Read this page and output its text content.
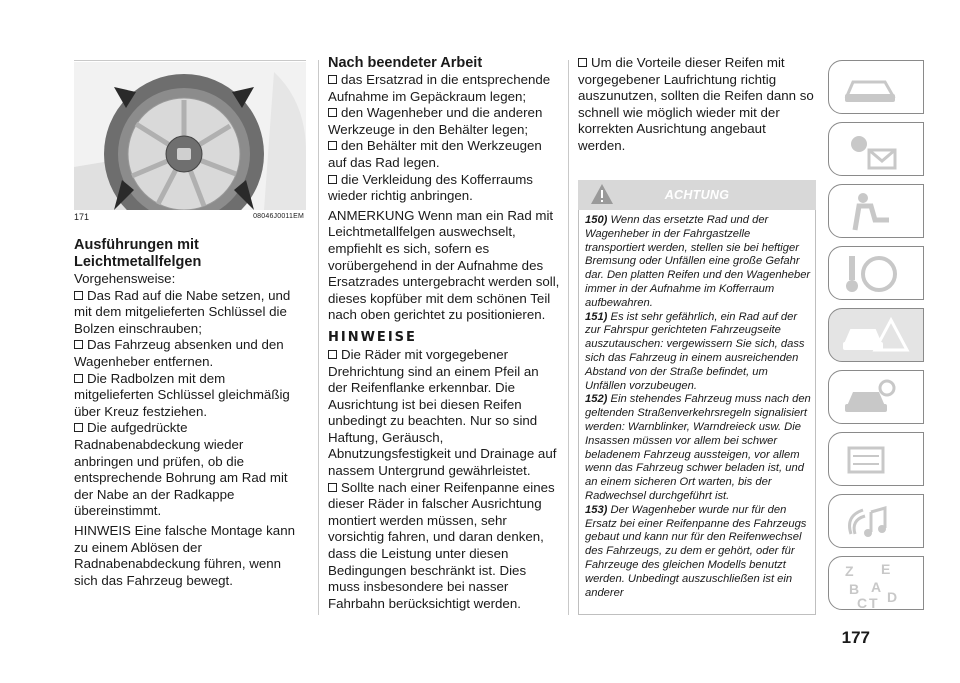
171	08046J0011EM
Ausführungen mit
Leichtmetallfelgen

Vorgehensweise:

Das Rad auf die Nabe setzen, und mit dem mitgelieferten Schlüssel die Bolzen einschrauben;

Das Fahrzeug absenken und den Wagenheber entfernen.

Die Radbolzen mit dem mitgelieferten Schlüssel gleichmäßig über Kreuz festziehen.

Die aufgedrückte Radnabenabdeckung wieder anbringen und prüfen, ob die entsprechende Bohrung am Rad mit der Nabe an der Radkappe übereinstimmt.

HINWEIS Eine falsche Montage kann zu einem Ablösen der Radnabenabdeckung führen, wenn sich das Fahrzeug bewegt.

Nach beendeter Arbeit

das Ersatzrad in die entsprechende Aufnahme im Gepäckraum legen;

den Wagenheber und die anderen Werkzeuge in den Behälter legen;

den Behälter mit den Werkzeugen auf das Rad legen.

die Verkleidung des Kofferraums wieder richtig anbringen.

ANMERKUNG Wenn man ein Rad mit Leichtmetallfelgen auswechselt, empfiehlt es sich, sofern es vorübergehend in der Aufnahme des Ersatzrades untergebracht werden soll, dieses kopfüber mit dem schönen Teil nach oben gerichtet zu positionieren.

HINWEISE

Die Räder mit vorgegebener Drehrichtung sind an einem Pfeil an der Reifenflanke erkennbar. Die Ausrichtung ist bei diesen Reifen unbedingt zu beachten. Nur so sind Haftung, Geräusch, Abnutzungsfestigkeit und Drainage auf nassem Untergrund gewährleistet.

Sollte nach einer Reifenpanne eines dieser Räder in falscher Ausrichtung montiert werden müssen, sehr vorsichtig fahren, und daran denken, dass die Leistung unter diesen Bedingungen beschränkt ist. Dies muss insbesondere bei nasser Fahrbahn berücksichtigt werden.

Um die Vorteile dieser Reifen mit vorgegebener Laufrichtung richtig auszunutzen, sollten die Reifen dann so schnell wie möglich wieder mit der korrekten Ausrichtung angebaut werden.

ACHTUNG

150) Wenn das ersetzte Rad und der Wagenheber in der Fahrgastzelle transportiert werden, stellen sie bei heftiger Bremsung oder Unfällen eine große Gefahr dar. Den platten Reifen und den Wagenheber immer in der Aufnahme im Kofferraum aufbewahren.

151) Es ist sehr gefährlich, ein Rad auf der zur Fahrspur gerichteten Fahrzeugseite auszutauschen: vergewissern Sie sich, dass sich das Fahrzeug in einem ausreichenden Abstand von der Straße befindet, um Unfällen vorzubeugen.

152) Ein stehendes Fahrzeug muss nach den geltenden Straßenverkehrsregeln signalisiert werden: Warnblinker, Warndreieck usw. Die Insassen müssen vor allem bei schwer beladenem Fahrzeug aussteigen, vor allem wenn das Fahrzeug schwer beladen ist, und an einem sicheren Ort warten, bis der Radwechsel durchgeführt ist.

153) Der Wagenheber wurde nur für den Ersatz bei einer Reifenpanne des Fahrzeugs gebaut und kann nur für den Reifenwechsel des Fahrzeugs, zu dem er gehört, oder für Fahrzeuge des gleichen Modells benutzt werden. Unbedingt auszuschließen ist ein anderer

177
Z E
B A
C T D
